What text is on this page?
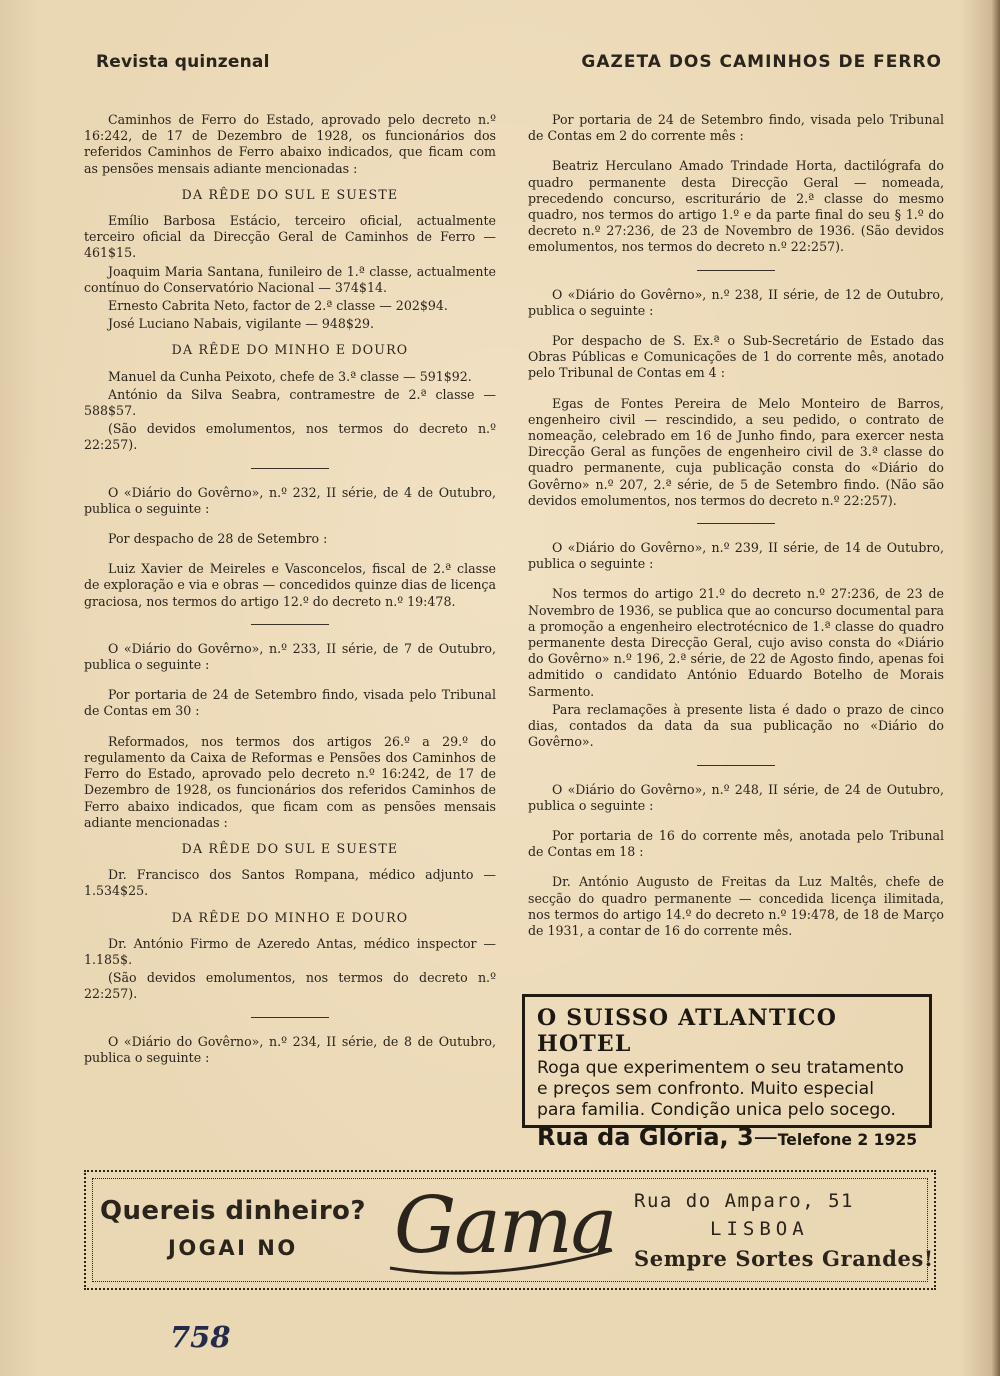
Revista quinzenal	GAZETA DOS CAMINHOS DE FERRO

Caminhos de Ferro do Estado, aprovado pelo decreto n.º 16:242, de 17 de Dezembro de 1928, os funcionários dos referidos Caminhos de Ferro abaixo indicados, que ficam com as pensões mensais adiante mencionadas :

DA RÊDE DO SUL E SUESTE

Emílio Barbosa Estácio, terceiro oficial, actualmente terceiro oficial da Direcção Geral de Caminhos de Ferro — 461$15.

Joaquim Maria Santana, funileiro de 1.ª classe, actualmente contínuo do Conservatório Nacional — 374$14.

Ernesto Cabrita Neto, factor de 2.ª classe — 202$94.

José Luciano Nabais, vigilante — 948$29.

DA RÊDE DO MINHO E DOURO

Manuel da Cunha Peixoto, chefe de 3.ª classe — 591$92.

António da Silva Seabra, contramestre de 2.ª classe — 588$57.

(São devidos emolumentos, nos termos do decreto n.º 22:257).

O «Diário do Govêrno», n.º 232, II série, de 4 de Outubro, publica o seguinte :

Por despacho de 28 de Setembro :

Luiz Xavier de Meireles e Vasconcelos, fiscal de 2.ª classe de exploração e via e obras — concedidos quinze dias de licença graciosa, nos termos do artigo 12.º do decreto n.º 19:478.

O «Diário do Govêrno», n.º 233, II série, de 7 de Outubro, publica o seguinte :

Por portaria de 24 de Setembro findo, visada pelo Tribunal de Contas em 30 :

Reformados, nos termos dos artigos 26.º a 29.º do regulamento da Caixa de Reformas e Pensões dos Caminhos de Ferro do Estado, aprovado pelo decreto n.º 16:242, de 17 de Dezembro de 1928, os funcionários dos referidos Caminhos de Ferro abaixo indicados, que ficam com as pensões mensais adiante mencionadas :

DA RÊDE DO SUL E SUESTE

Dr. Francisco dos Santos Rompana, médico adjunto — 1.534$25.

DA RÊDE DO MINHO E DOURO

Dr. António Firmo de Azeredo Antas, médico inspector — 1.185$.

(São devidos emolumentos, nos termos do decreto n.º 22:257).

O «Diário do Govêrno», n.º 234, II série, de 8 de Outubro, publica o seguinte :

Por portaria de 24 de Setembro findo, visada pelo Tribunal de Contas em 2 do corrente mês :

Beatriz Herculano Amado Trindade Horta, dactilógrafa do quadro permanente desta Direcção Geral — nomeada, precedendo concurso, escriturário de 2.ª classe do mesmo quadro, nos termos do artigo 1.º e da parte final do seu § 1.º do decreto n.º 27:236, de 23 de Novembro de 1936. (São devidos emolumentos, nos termos do decreto n.º 22:257).

O «Diário do Govêrno», n.º 238, II série, de 12 de Outubro, publica o seguinte :

Por despacho de S. Ex.ª o Sub-Secretário de Estado das Obras Públicas e Comunicações de 1 do corrente mês, anotado pelo Tribunal de Contas em 4 :

Egas de Fontes Pereira de Melo Monteiro de Barros, engenheiro civil — rescindido, a seu pedido, o contrato de nomeação, celebrado em 16 de Junho findo, para exercer nesta Direcção Geral as funções de engenheiro civil de 3.ª classe do quadro permanente, cuja publicação consta do «Diário do Govêrno» n.º 207, 2.ª série, de 5 de Setembro findo. (Não são devidos emolumentos, nos termos do decreto n.º 22:257).

O «Diário do Govêrno», n.º 239, II série, de 14 de Outubro, publica o seguinte :

Nos termos do artigo 21.º do decreto n.º 27:236, de 23 de Novembro de 1936, se publica que ao concurso documental para a promoção a engenheiro electrotécnico de 1.ª classe do quadro permanente desta Direcção Geral, cujo aviso consta do «Diário do Govêrno» n.º 196, 2.ª série, de 22 de Agosto findo, apenas foi admitido o candidato António Eduardo Botelho de Morais Sarmento.

Para reclamações à presente lista é dado o prazo de cinco dias, contados da data da sua publicação no «Diário do Govêrno».

O «Diário do Govêrno», n.º 248, II série, de 24 de Outubro, publica o seguinte :

Por portaria de 16 do corrente mês, anotada pelo Tribunal de Contas em 18 :

Dr. António Augusto de Freitas da Luz Maltês, chefe de secção do quadro permanente — concedida licença ilimitada, nos termos do artigo 14.º do decreto n.º 19:478, de 18 de Março de 1931, a contar de 16 do corrente mês.

O SUISSO ATLANTICO HOTEL
Roga que experimentem o seu tratamento
e preços sem confronto. Muito especial
para familia. Condição unica pelo socego.
Rua da Glória, 3—Telefone 2 1925
Quereis dinheiro?
JOGAI NO Gama Rua do Amparo, 51
LISBOA
Sempre Sortes Grandes!
758
